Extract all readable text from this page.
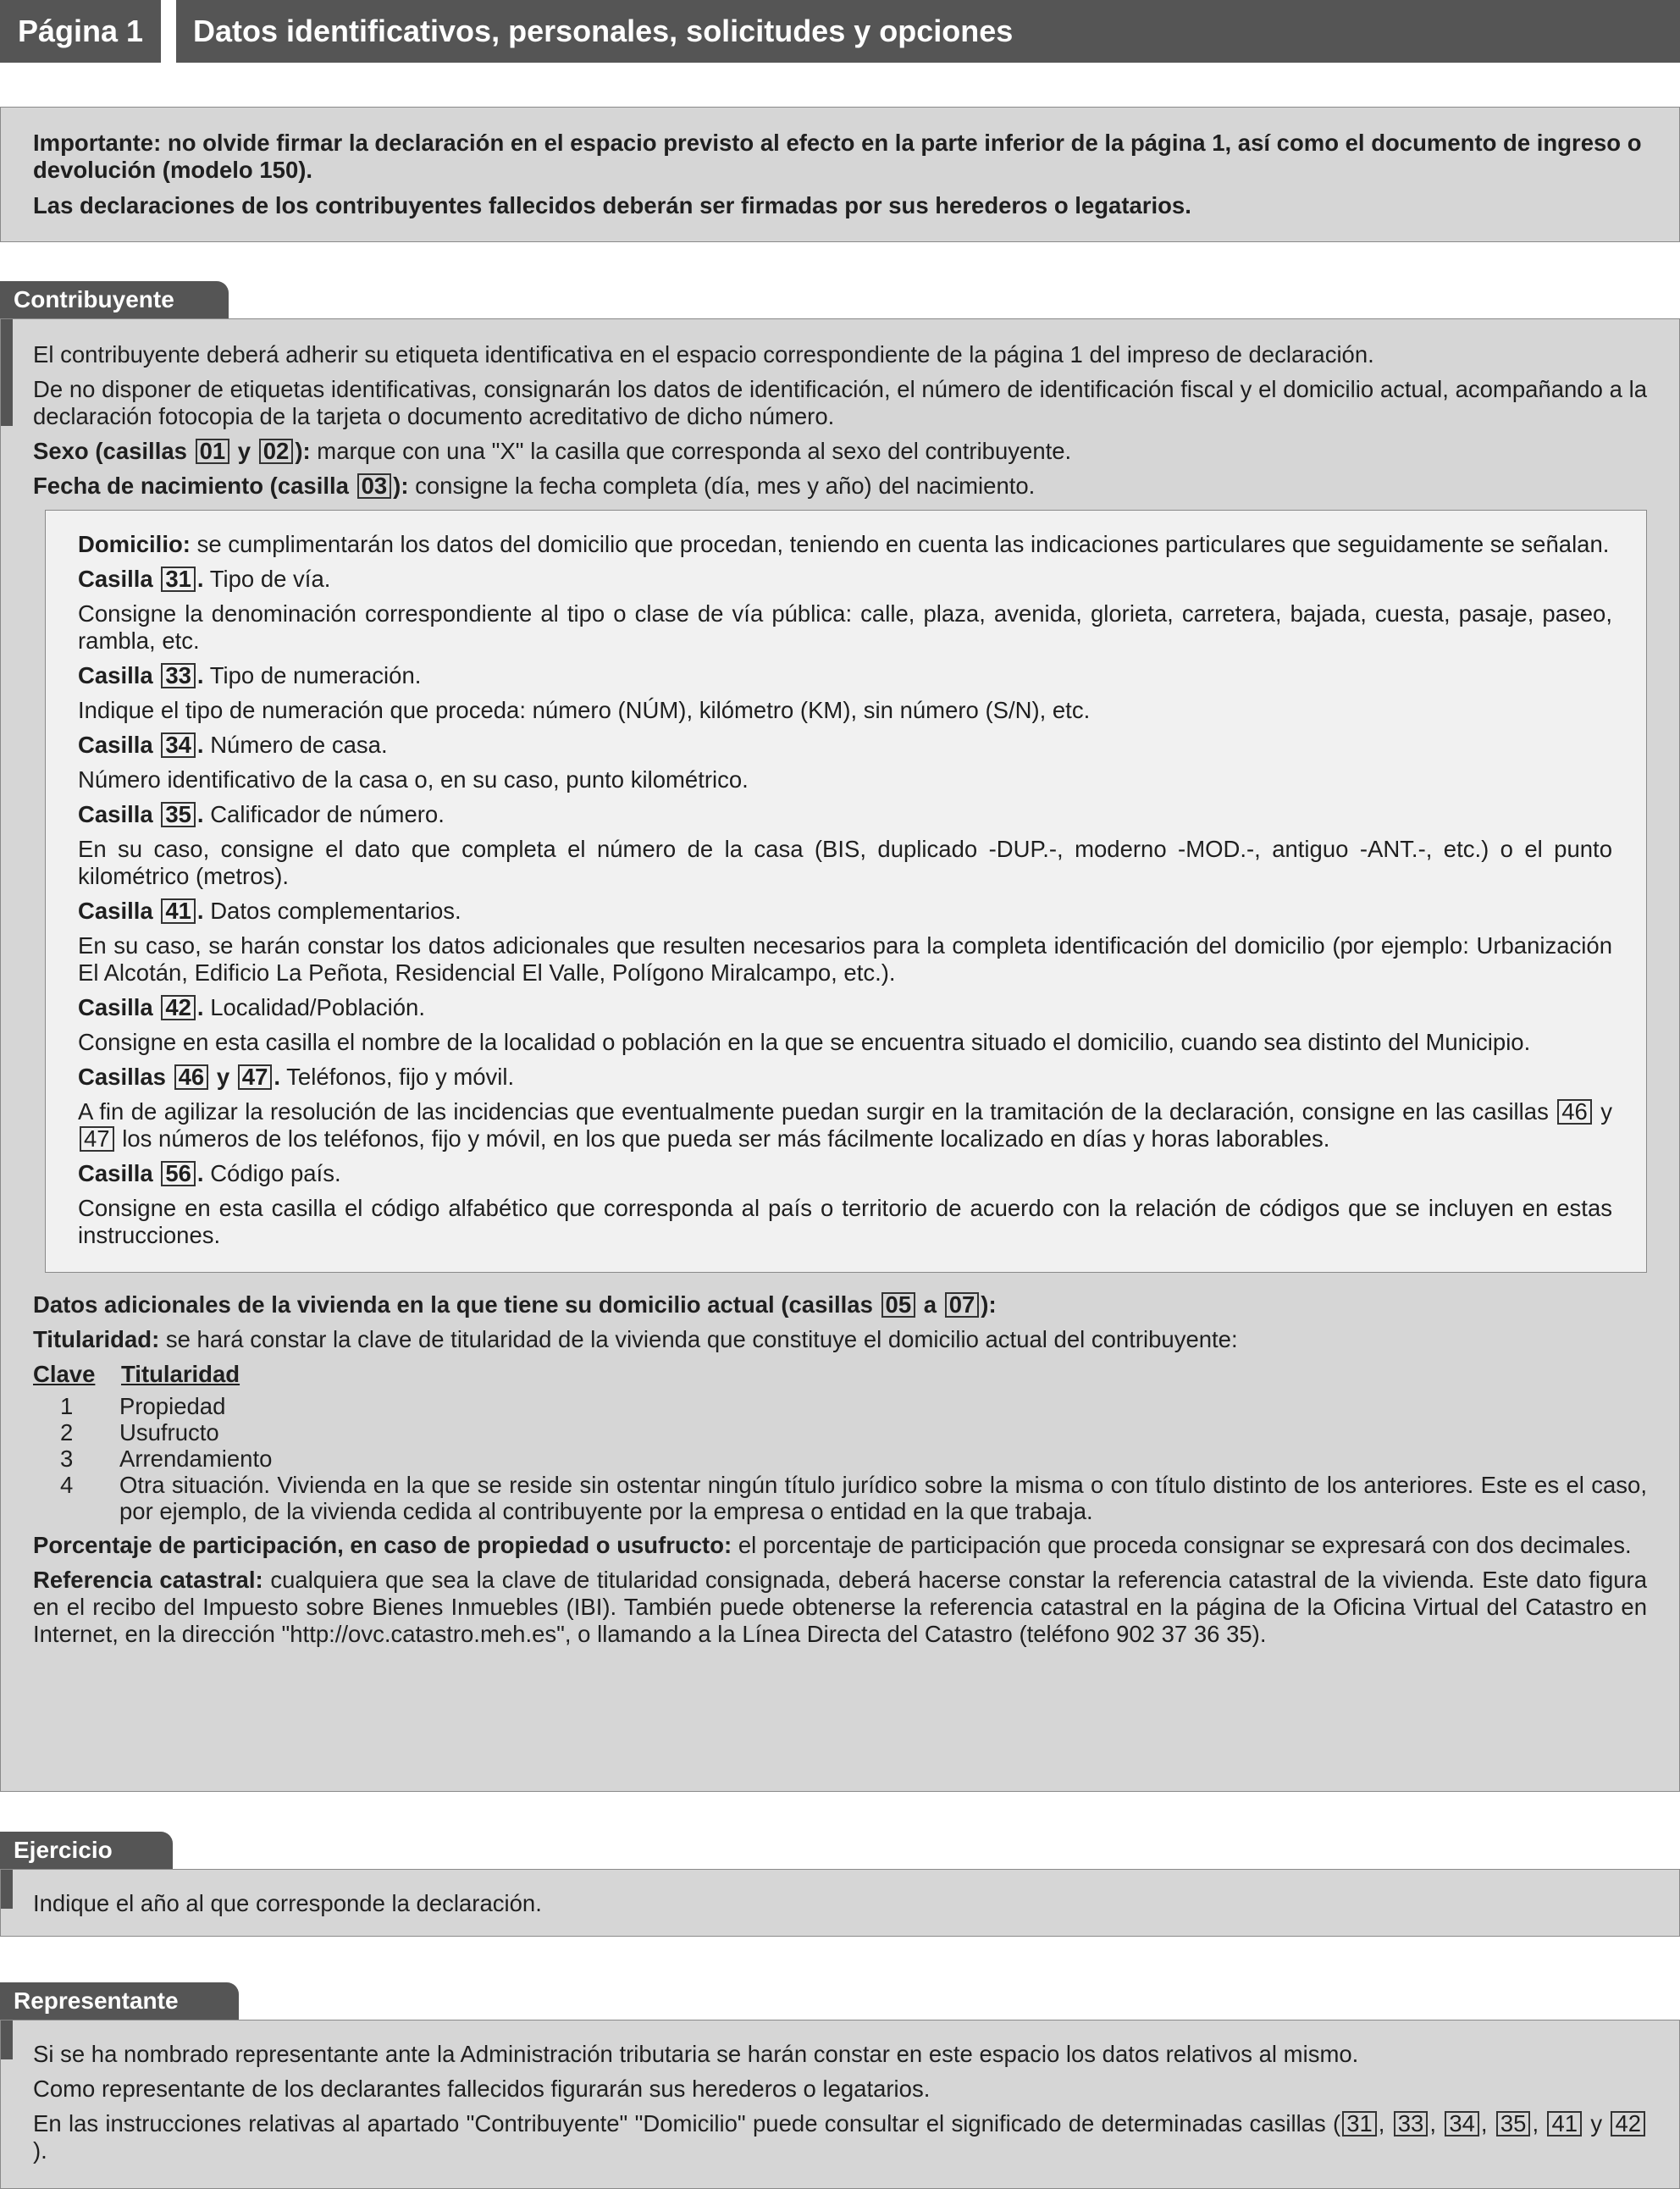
Página 1	Datos identificativos, personales, solicitudes y opciones

Importante: no olvide firmar la declaración en el espacio previsto al efecto en la parte inferior de la página 1, así como el documento de ingreso o devolución (modelo 150).

Las declaraciones de los contribuyentes fallecidos deberán ser firmadas por sus herederos o legatarios.

Contribuyente

El contribuyente deberá adherir su etiqueta identificativa en el espacio correspondiente de la página 1 del impreso de declaración.

De no disponer de etiquetas identificativas, consignarán los datos de identificación, el número de identificación fiscal y el domicilio actual, acompañando a la declaración fotocopia de la tarjeta o documento acreditativo de dicho número.

Sexo (casillas 01 y 02 ): marque con una "X" la casilla que corresponda al sexo del contribuyente.

Fecha de nacimiento (casilla 03 ): consigne la fecha completa (día, mes y año) del nacimiento.

Domicilio: se cumplimentarán los datos del domicilio que procedan, teniendo en cuenta las indicaciones particulares que seguidamente se señalan.

Casilla 31 . Tipo de vía.

Consigne la denominación correspondiente al tipo o clase de vía pública: calle, plaza, avenida, glorieta, carretera, bajada, cuesta, pasaje, paseo, rambla, etc.

Casilla 33 . Tipo de numeración.

Indique el tipo de numeración que proceda: número (NÚM), kilómetro (KM), sin número (S/N), etc.

Casilla 34 . Número de casa.

Número identificativo de la casa o, en su caso, punto kilométrico.

Casilla 35 . Calificador de número.

En su caso, consigne el dato que completa el número de la casa (BIS, duplicado -DUP.-, moderno -MOD.-, antiguo -ANT.-, etc.) o el punto kilométrico (metros).

Casilla 41 . Datos complementarios.

En su caso, se harán constar los datos adicionales que resulten necesarios para la completa identificación del domicilio (por ejemplo: Urbanización El Alcotán, Edificio La Peñota, Residencial El Valle, Polígono Miralcampo, etc.).

Casilla 42 . Localidad/Población.

Consigne en esta casilla el nombre de la localidad o población en la que se encuentra situado el domicilio, cuando sea distinto del Municipio.

Casillas 46 y 47 . Teléfonos, fijo y móvil.

A fin de agilizar la resolución de las incidencias que eventualmente puedan surgir en la tramitación de la declaración, consigne en las casillas 46 y 47 los números de los teléfonos, fijo y móvil, en los que pueda ser más fácilmente localizado en días y horas laborables.

Casilla 56 . Código país.

Consigne en esta casilla el código alfabético que corresponda al país o territorio de acuerdo con la relación de códigos que se incluyen en estas instrucciones.

Datos adicionales de la vivienda en la que tiene su domicilio actual (casillas 05 a 07 ):

Titularidad: se hará constar la clave de titularidad de la vivienda que constituye el domicilio actual del contribuyente:

Clave	Titularidad
1	Propiedad
2	Usufructo
3	Arrendamiento
4	Otra situación. Vivienda en la que se reside sin ostentar ningún título jurídico sobre la misma o con título distinto de los anteriores. Este es el caso, por ejemplo, de la vivienda cedida al contribuyente por la empresa o entidad en la que trabaja.

Porcentaje de participación, en caso de propiedad o usufructo: el porcentaje de participación que proceda consignar se expresará con dos decimales.

Referencia catastral: cualquiera que sea la clave de titularidad consignada, deberá hacerse constar la referencia catastral de la vivienda. Este dato figura en el recibo del Impuesto sobre Bienes Inmuebles (IBI). También puede obtenerse la referencia catastral en la página de la Oficina Virtual del Catastro en Internet, en la dirección "http://ovc.catastro.meh.es", o llamando a la Línea Directa del Catastro (teléfono 902 37 36 35).

Ejercicio

Indique el año al que corresponde la declaración.

Representante

Si se ha nombrado representante ante la Administración tributaria se harán constar en este espacio los datos relativos al mismo.

Como representante de los declarantes fallecidos figurarán sus herederos o legatarios.

En las instrucciones relativas al apartado "Contribuyente" "Domicilio" puede consultar el significado de determinadas casillas ( 31 , 33 , 34 , 35 , 41 y 42).
